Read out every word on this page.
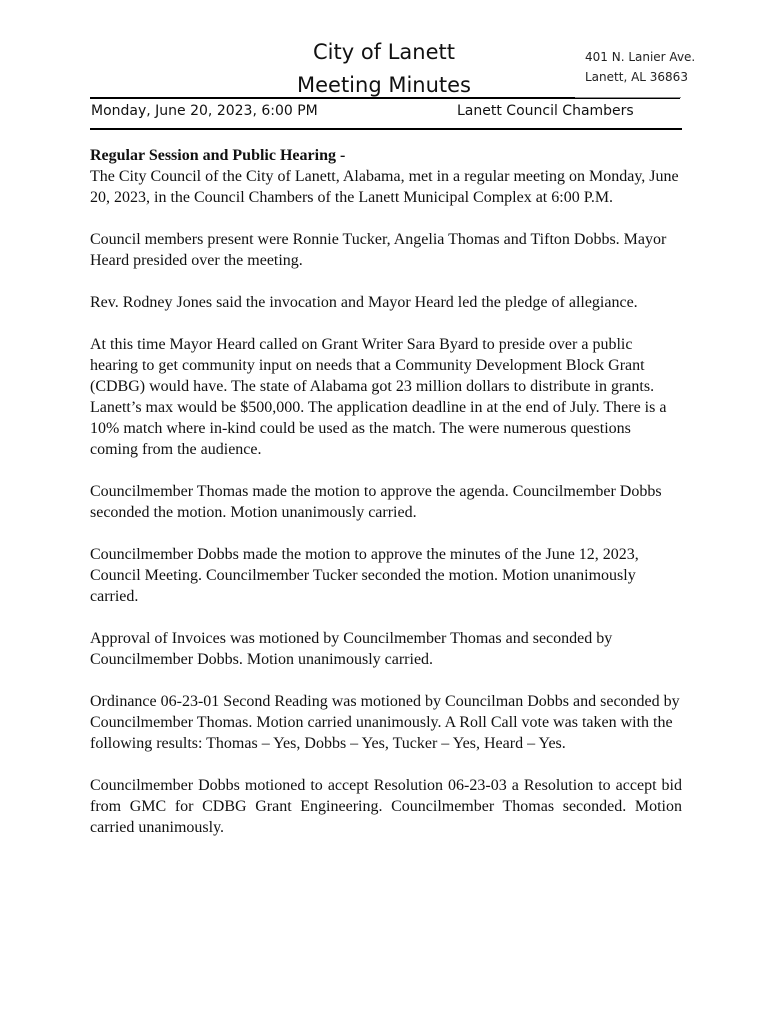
City of Lanett
Meeting Minutes
401 N. Lanier Ave.
Lanett, AL 36863
Monday, June 20, 2023, 6:00 PM	Lanett Council Chambers

Regular Session and Public Hearing -
The City Council of the City of Lanett, Alabama, met in a regular meeting on Monday, June 20, 2023, in the Council Chambers of the Lanett Municipal Complex at 6:00 P.M.

Council members present were Ronnie Tucker, Angelia Thomas and Tifton Dobbs. Mayor Heard presided over the meeting.

Rev. Rodney Jones said the invocation and Mayor Heard led the pledge of allegiance.

At this time Mayor Heard called on Grant Writer Sara Byard to preside over a public hearing to get community input on needs that a Community Development Block Grant (CDBG) would have. The state of Alabama got 23 million dollars to distribute in grants. Lanett’s max would be $500,000. The application deadline in at the end of July. There is a 10% match where in-kind could be used as the match. The were numerous questions coming from the audience.

Councilmember Thomas made the motion to approve the agenda. Councilmember Dobbs seconded the motion. Motion unanimously carried.

Councilmember Dobbs made the motion to approve the minutes of the June 12, 2023, Council Meeting. Councilmember Tucker seconded the motion. Motion unanimously carried.

Approval of Invoices was motioned by Councilmember Thomas and seconded by Councilmember Dobbs. Motion unanimously carried.

Ordinance 06-23-01 Second Reading was motioned by Councilman Dobbs and seconded by Councilmember Thomas. Motion carried unanimously. A Roll Call vote was taken with the following results: Thomas – Yes, Dobbs – Yes, Tucker – Yes, Heard – Yes.

Councilmember Dobbs motioned to accept Resolution 06-23-03 a Resolution to accept bid from GMC for CDBG Grant Engineering. Councilmember Thomas seconded. Motion carried unanimously.
